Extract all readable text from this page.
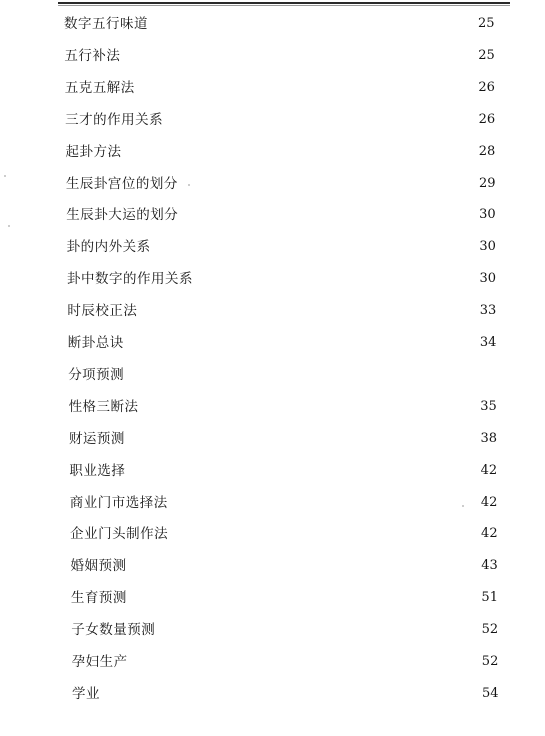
数字五行味道	25
五行补法	25
五克五解法	26
三才的作用关系	26
起卦方法	28
生辰卦宫位的划分	29
生辰卦大运的划分	30
卦的内外关系	30
卦中数字的作用关系	30
时辰校正法	33
断卦总诀	34
分项预测
性格三断法	35
财运预测	38
职业选择	42
商业门市选择法	42
企业门头制作法	42
婚姻预测	43
生育预测	51
子女数量预测	52
孕妇生产	52
学业	54
